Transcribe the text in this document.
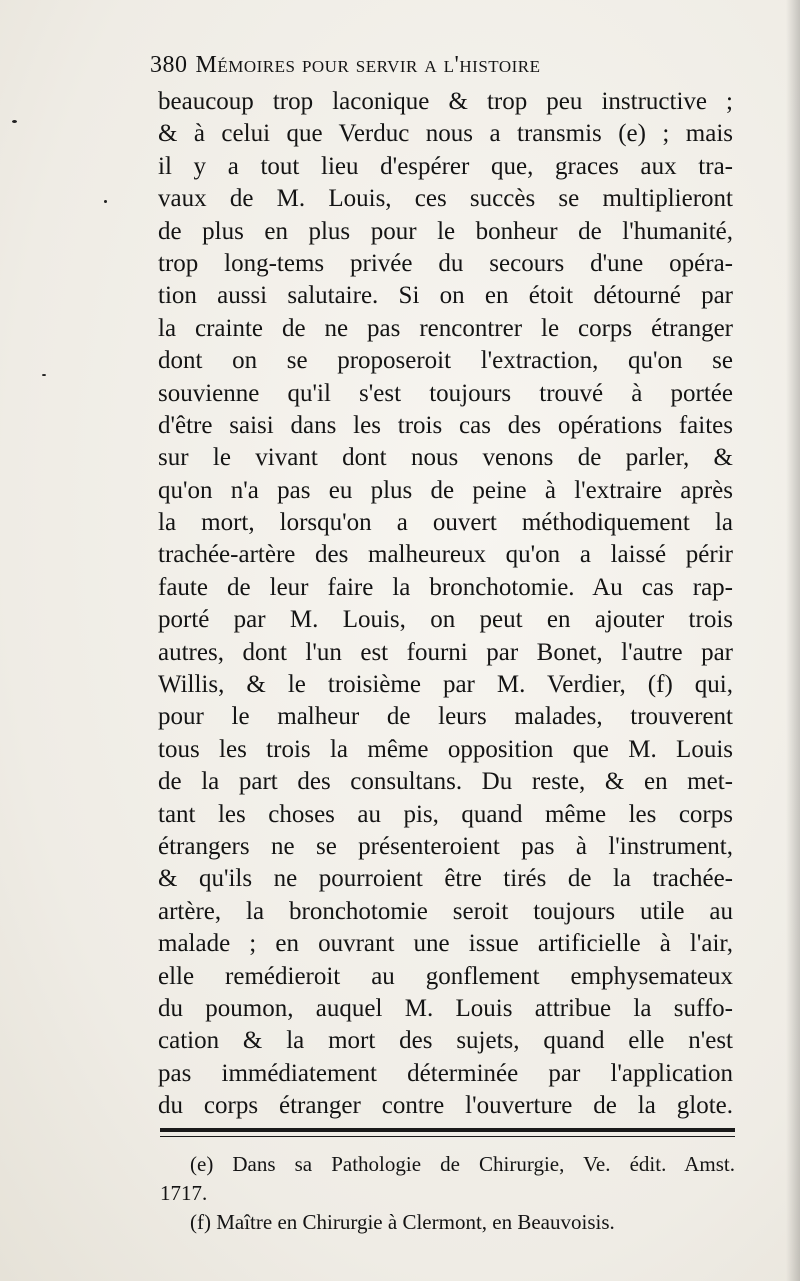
380 Mémoires pour servir a l'histoire
beaucoup trop laconique & trop peu instructive ;
& à celui que Verduc nous a transmis (e) ; mais
il y a tout lieu d'espérer que, graces aux tra-
vaux de M. Louis, ces succès se multiplieront
de plus en plus pour le bonheur de l'humanité,
trop long-tems privée du secours d'une opéra-
tion aussi salutaire. Si on en étoit détourné par
la crainte de ne pas rencontrer le corps étranger
dont on se proposeroit l'extraction, qu'on se
souvienne qu'il s'est toujours trouvé à portée
d'être saisi dans les trois cas des opérations faites
sur le vivant dont nous venons de parler, &
qu'on n'a pas eu plus de peine à l'extraire après
la mort, lorsqu'on a ouvert méthodiquement la
trachée-artère des malheureux qu'on a laissé périr
faute de leur faire la bronchotomie. Au cas rap-
porté par M. Louis, on peut en ajouter trois
autres, dont l'un est fourni par Bonet, l'autre par
Willis, & le troisième par M. Verdier, (f) qui,
pour le malheur de leurs malades, trouverent
tous les trois la même opposition que M. Louis
de la part des consultans. Du reste, & en met-
tant les choses au pis, quand même les corps
étrangers ne se présenteroient pas à l'instrument,
& qu'ils ne pourroient être tirés de la trachée-
artère, la bronchotomie seroit toujours utile au
malade ; en ouvrant une issue artificielle à l'air,
elle remédieroit au gonflement emphysemateux
du poumon, auquel M. Louis attribue la suffo-
cation & la mort des sujets, quand elle n'est
pas immédiatement déterminée par l'application
du corps étranger contre l'ouverture de la glote.
(e) Dans sa Pathologie de Chirurgie, Ve. édit. Amst.
1717.
(f) Maître en Chirurgie à Clermont, en Beauvoisis.
